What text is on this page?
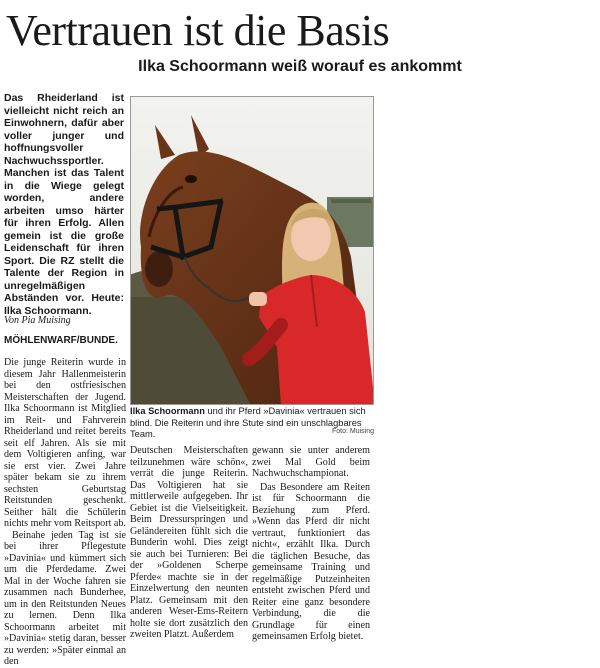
Vertrauen ist die Basis
Ilka Schoormann weiß worauf es ankommt
Das Rheiderland ist vielleicht nicht reich an Einwohnern, dafür aber voller junger und hoffnungsvoller Nachwuchssportler. Manchen ist das Talent in die Wiege gelegt worden, andere arbeiten umso härter für ihren Erfolg. Allen gemein ist die große Leidenschaft für ihren Sport. Die RZ stellt die Talente der Region in unregelmäßigen Abständen vor. Heute: Ilka Schoormann.
Von Pia Muising
MÖHLENWARF/BUNDE.

Die junge Reiterin wurde in diesem Jahr Hallenmeisterin bei den ostfriesischen Meisterschaften der Jugend. Ilka Schoormann ist Mitglied im Reit- und Fahrverein Rheiderland und reitet bereits seit elf Jahren. Als sie mit dem Voltigieren anfing, war sie erst vier. Zwei Jahre später bekam sie zu ihrem sechsten Geburtstag Reitstunden geschenkt. Seither hält die Schülerin nichts mehr vom Reitsport ab.

Beinahe jeden Tag ist sie bei ihrer Pflegestute »Davinia« und kümmert sich um die Pferdedame. Zwei Mal in der Woche fahren sie zusammen nach Bunderhee, um in den Reitstunden Neues zu lernen. Denn Ilka Schoormann arbeitet mit »Davinia« stetig daran, besser zu werden: »Später einmal an den

Ilka Schoormann und ihr Pferd »Davinia« vertrauen sich blind. Die Reiterin und ihre Stute sind ein unschlagbares Team.	Foto: Muising

Deutschen Meisterschaften teilzunehmen wäre schön«, verrät die junge Reiterin. Das Voltigieren hat sie mittlerweile aufgegeben. Ihr Gebiet ist die Vielseitigkeit. Beim Dressurspringen und Geländereiten fühlt sich die Bunderin wohl. Dies zeigt sie auch bei Turnieren: Bei der »Goldenen Scherpe Pferde« machte sie in der Einzelwertung den neunten Platz. Gemeinsam mit den anderen Weser-Ems-Reitern holte sie dort zusätzlich den zweiten Platzt. Außerdem

gewann sie unter anderem zwei Mal Gold beim Nachwuchschampionat.

Das Besondere am Reiten ist für Schoormann die Beziehung zum Pferd. »Wenn das Pferd dir nicht vertraut, funktioniert das nicht«, erzählt Ilka. Durch die täglichen Besuche, das gemeinsame Training und regelmäßige Putzeinheiten entsteht zwischen Pferd und Reiter eine ganz besondere Verbindung, die die Grundlage für einen gemeinsamen Erfolg bietet.
